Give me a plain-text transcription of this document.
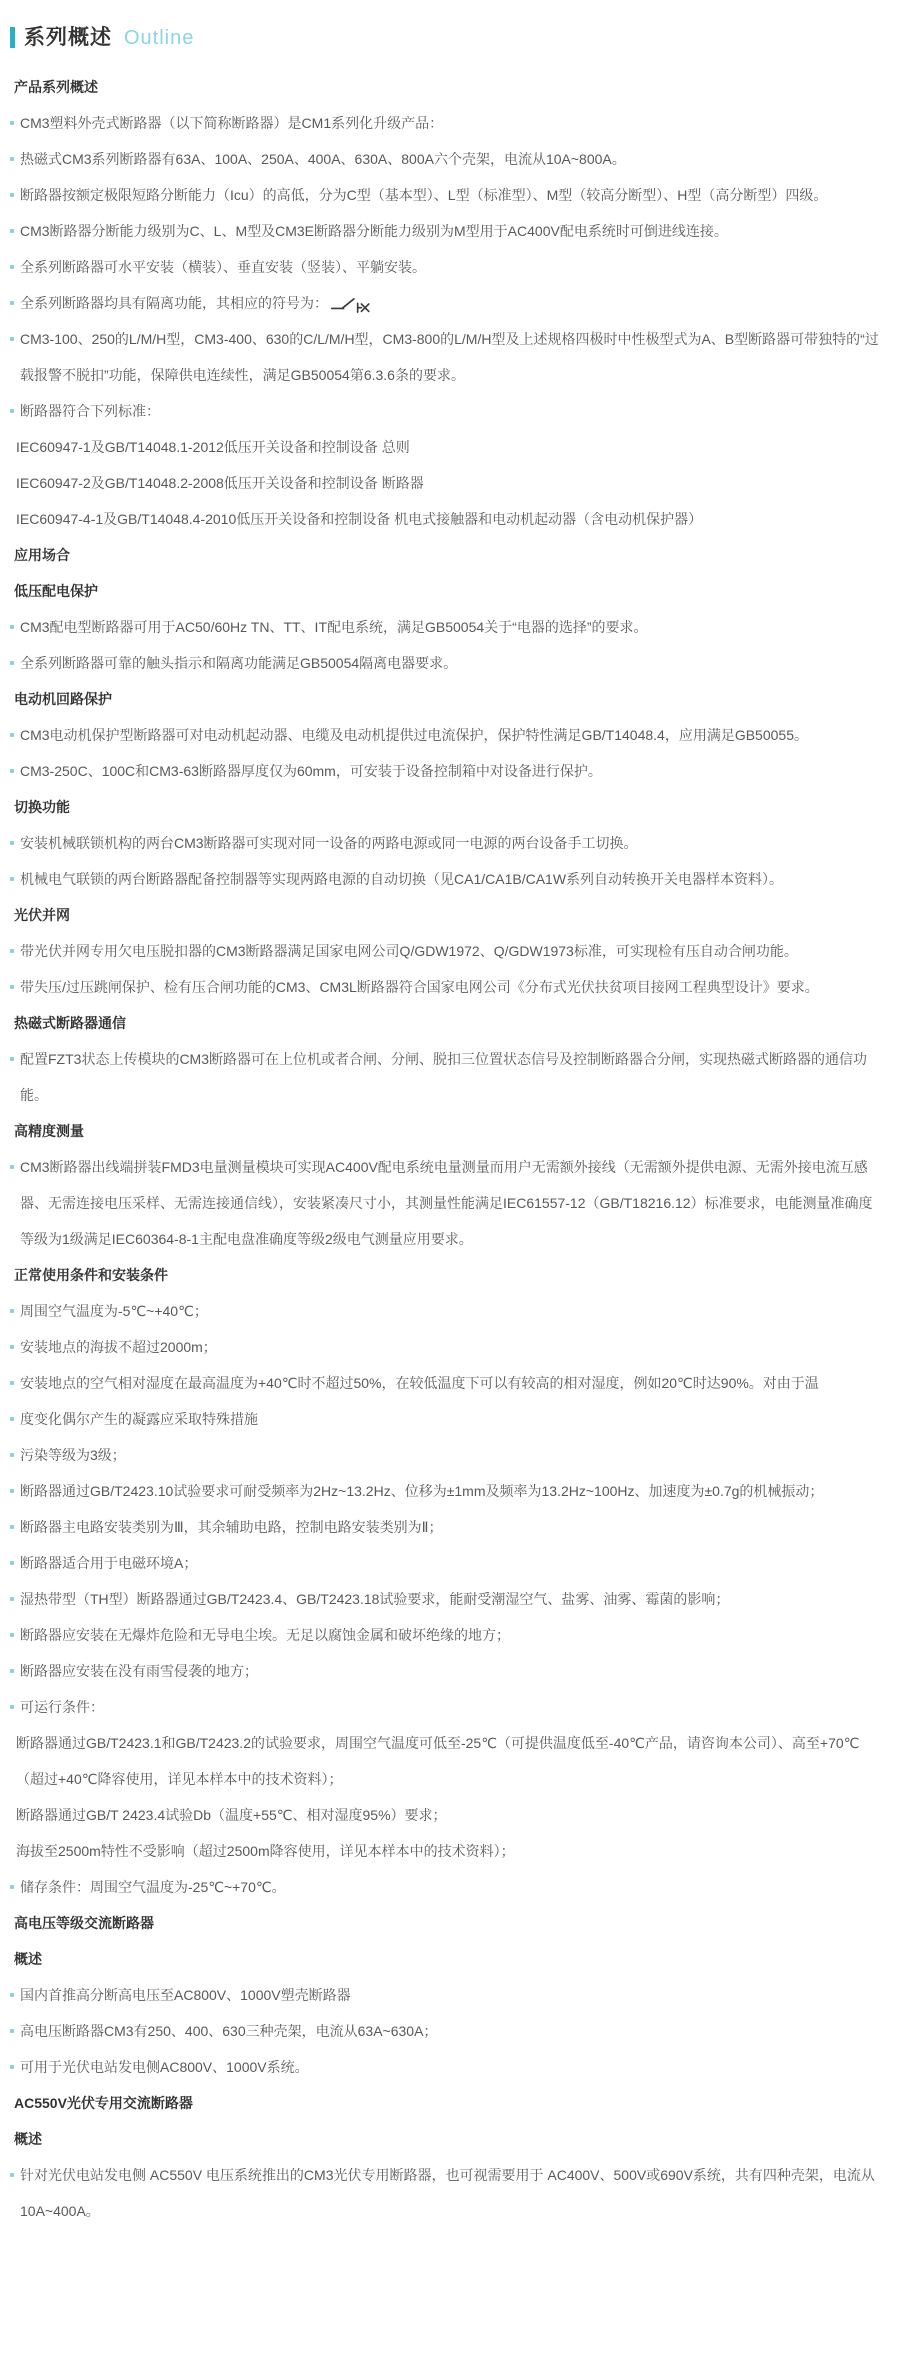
系列概述 Outline

产品系列概述

CM3塑料外壳式断路器（以下简称断路器）是CM1系列化升级产品：

热磁式CM3系列断路器有63A、100A、250A、400A、630A、800A六个壳架，电流从10A~800A。

断路器按额定极限短路分断能力（Icu）的高低，分为C型（基本型）、L型（标准型）、M型（较高分断型）、H型（高分断型）四级。

CM3断路器分断能力级别为C、L、M型及CM3E断路器分断能力级别为M型用于AC400V配电系统时可倒进线连接。

全系列断路器可水平安装（横装）、垂直安装（竖装）、平躺安装。

全系列断路器均具有隔离功能，其相应的符号为：

CM3-100、250的L/M/H型，CM3-400、630的C/L/M/H型，CM3-800的L/M/H型及上述规格四极时中性极型式为A、B型断路器可带独特的“过载报警不脱扣”功能，保障供电连续性，满足GB50054第6.3.6条的要求。

断路器符合下列标准：

IEC60947-1及GB/T14048.1-2012低压开关设备和控制设备 总则

IEC60947-2及GB/T14048.2-2008低压开关设备和控制设备 断路器

IEC60947-4-1及GB/T14048.4-2010低压开关设备和控制设备 机电式接触器和电动机起动器（含电动机保护器）

应用场合

低压配电保护

CM3配电型断路器可用于AC50/60Hz TN、TT、IT配电系统，满足GB50054关于“电器的选择”的要求。

全系列断路器可靠的触头指示和隔离功能满足GB50054隔离电器要求。

电动机回路保护

CM3电动机保护型断路器可对电动机起动器、电缆及电动机提供过电流保护，保护特性满足GB/T14048.4，应用满足GB50055。

CM3-250C、100C和CM3-63断路器厚度仅为60mm，可安装于设备控制箱中对设备进行保护。

切换功能

安装机械联锁机构的两台CM3断路器可实现对同一设备的两路电源或同一电源的两台设备手工切换。

机械电气联锁的两台断路器配备控制器等实现两路电源的自动切换（见CA1/CA1B/CA1W系列自动转换开关电器样本资料）。

光伏并网

带光伏并网专用欠电压脱扣器的CM3断路器满足国家电网公司Q/GDW1972、Q/GDW1973标准，可实现检有压自动合闸功能。

带失压/过压跳闸保护、检有压合闸功能的CM3、CM3L断路器符合国家电网公司《分布式光伏扶贫项目接网工程典型设计》要求。

热磁式断路器通信

配置FZT3状态上传模块的CM3断路器可在上位机或者合闸、分闸、脱扣三位置状态信号及控制断路器合分闸，实现热磁式断路器的通信功能。

高精度测量

CM3断路器出线端拼装FMD3电量测量模块可实现AC400V配电系统电量测量而用户无需额外接线（无需额外提供电源、无需外接电流互感器、无需连接电压采样、无需连接通信线），安装紧凑尺寸小，其测量性能满足IEC61557-12（GB/T18216.12）标准要求，电能测量准确度等级为1级满足IEC60364-8-1主配电盘准确度等级2级电气测量应用要求。

正常使用条件和安装条件

周围空气温度为-5℃~+40℃；

安装地点的海拔不超过2000m；

安装地点的空气相对湿度在最高温度为+40℃时不超过50%，在较低温度下可以有较高的相对湿度，例如20℃时达90%。对由于温

度变化偶尔产生的凝露应采取特殊措施

污染等级为3级；

断路器通过GB/T2423.10试验要求可耐受频率为2Hz~13.2Hz、位移为±1mm及频率为13.2Hz~100Hz、加速度为±0.7g的机械振动；

断路器主电路安装类别为Ⅲ，其余辅助电路，控制电路安装类别为Ⅱ；

断路器适合用于电磁环境A；

湿热带型（TH型）断路器通过GB/T2423.4、GB/T2423.18试验要求，能耐受潮湿空气、盐雾、油雾、霉菌的影响；

断路器应安装在无爆炸危险和无导电尘埃。无足以腐蚀金属和破坏绝缘的地方；

断路器应安装在没有雨雪侵袭的地方；

可运行条件：

断路器通过GB/T2423.1和GB/T2423.2的试验要求，周围空气温度可低至-25℃（可提供温度低至-40℃产品，请咨询本公司）、高至+70℃（超过+40℃降容使用，详见本样本中的技术资料）；

断路器通过GB/T 2423.4试验Db（温度+55℃、相对湿度95%）要求；

海拔至2500m特性不受影响（超过2500m降容使用，详见本样本中的技术资料）；

储存条件：周围空气温度为-25℃~+70℃。

高电压等级交流断路器

概述

国内首推高分断高电压至AC800V、1000V塑壳断路器

高电压断路器CM3有250、400、630三种壳架，电流从63A~630A；

可用于光伏电站发电侧AC800V、1000V系统。

AC550V光伏专用交流断路器

概述

针对光伏电站发电侧 AC550V 电压系统推出的CM3光伏专用断路器，也可视需要用于 AC400V、500V或690V系统，共有四种壳架，电流从10A~400A。
